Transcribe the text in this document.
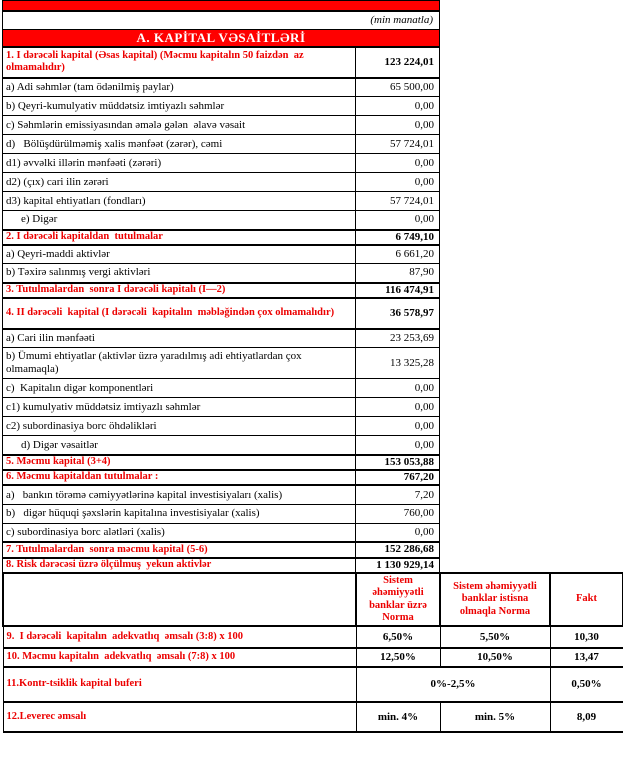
(min manatla)	
A. KAPİTAL VƏSAİTLƏRİ	
1. I dərəcəli kapital (Əsas kapital) (Məcmu kapitalın 50 faizdən  az olmamalıdır)	123 224,01
a) Adi səhmlər (tam ödənilmiş paylar)	65 500,00
b) Qeyri-kumulyativ müddətsiz imtiyazlı səhmlər	0,00
c) Səhmlərin emissiyasından əmələ gələn  əlavə vəsait	0,00
d)   Bölüşdürülməmiş xalis mənfəət (zərər), cəmi	57 724,01
d1) əvvəlki illərin mənfəəti (zərəri)	0,00
d2) (çıx) cari ilin zərəri	0,00
d3) kapital ehtiyatları (fondları)	57 724,01
e) Digər	0,00
2. I dərəcəli kapitaldan  tutulmalar	6 749,10
a) Qeyri-maddi aktivlər	6 661,20
b) Təxirə salınmış vergi aktivləri	87,90
3. Tutulmalardan  sonra I dərəcəli kapitalı (I—2)	116 474,91
4. II dərəcəli  kapital (I dərəcəli  kapitalın  məbləğindən çox olmamalıdır)	36 578,97
a) Cari ilin mənfəəti	23 253,69
b) Ümumi ehtiyatlar (aktivlər üzrə yaradılmış adi ehtiyatlardan çox olmamaqla)	13 325,28
c)  Kapitalın digər komponentləri	0,00
c1) kumulyativ müddətsiz imtiyazlı səhmlər	0,00
c2) subordinasiya borc öhdəlikləri	0,00
d) Digər vəsaitlər	0,00
5. Məcmu kapital (3+4)	153 053,88
6. Məcmu kapitaldan tutulmalar :	767,20
a)   bankın törəmə cəmiyyətlərinə kapital investisiyaları (xalis)	7,20
b)   digər hüquqi şəxslərin kapitalına investisiyalar (xalis)	760,00
c) subordinasiya borc alətləri (xalis)	0,00
7. Tutulmalardan  sonra məcmu kapital (5-6)	152 286,68
8. Risk dərəcəsi üzrə ölçülmuş  yekun aktivlər	1 130 929,14
	Sistem əhəmiyyətli banklar üzrə Norma	Sistem əhəmiyyətli banklar istisna olmaqla Norma	Fakt
9.  I dərəcəli  kapitalın  adekvatlıq  əmsalı (3:8) x 100	6,50%	5,50%	10,30
10. Məcmu kapitalın  adekvatlıq  əmsalı (7:8) x 100	12,50%	10,50%	13,47
11.Kontr-tsiklik kapital buferi	0%-2,5%		0,50%
12.Leverec əmsalı	min. 4%	min. 5%	8,09
